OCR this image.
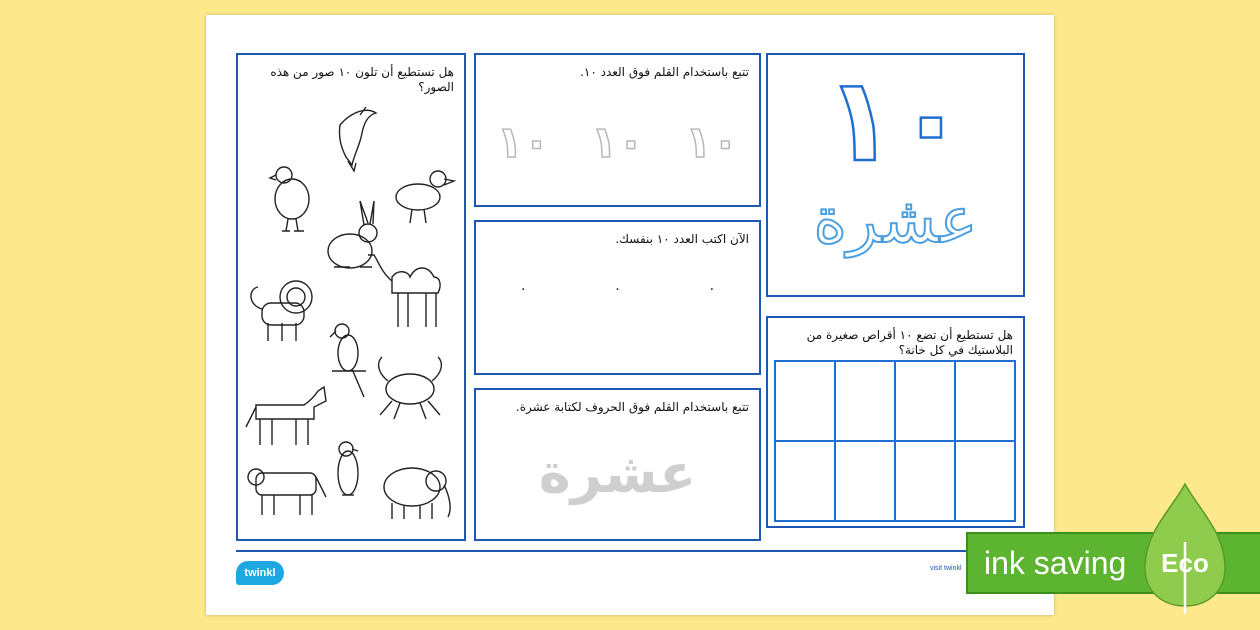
١٠
عشرة
تتبع باستخدام القلم فوق العدد ١٠.
١٠
١٠
١٠
الآن اكتب العدد ١٠ بنفسك.
.	.	.
تتبع باستخدام القلم فوق الحروف لكتابة عشرة.
عشرة
هل تستطيع أن تضع ١٠ أقراص صغيرة من البلاستيك في كل خانة؟
هل تستطيع أن تلون ١٠ صور من هذه الصور؟
twinkl	visit twinkl ink saving Eco
